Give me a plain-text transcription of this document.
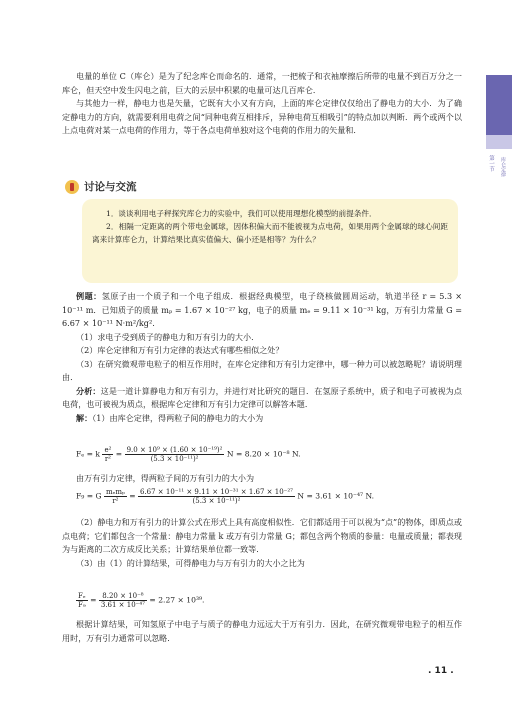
第一节	库仑定律

电量的单位 C（库仑）是为了纪念库仑而命名的．通常，一把梳子和衣袖摩擦后所带的电量不到百万分之一库仑，但天空中发生闪电之前，巨大的云层中积累的电量可达几百库仑．

与其他力一样，静电力也是矢量，它既有大小又有方向，上面的库仑定律仅仅给出了静电力的大小．为了确定静电力的方向，就需要利用电荷之间“同种电荷互相排斥，异种电荷互相吸引”的特点加以判断．两个或两个以上点电荷对某一点电荷的作用力，等于各点电荷单独对这个电荷的作用力的矢量和．

讨论与交流

1．谈谈利用电子秤探究库仑力的实验中，我们可以使用理想化模型的前提条件．

2．相隔一定距离的两个带电金属球，因体积偏大而不能被视为点电荷，如果用两个金属球的球心间距离来计算库仑力，计算结果比真实值偏大、偏小还是相等？为什么？

例题：氢原子由一个质子和一个电子组成．根据经典模型，电子绕核做圆周运动，轨道半径 r = 5.3 × 10⁻¹¹ m．已知质子的质量 mₚ = 1.67 × 10⁻²⁷ kg，电子的质量 mₑ = 9.11 × 10⁻³¹ kg，万有引力常量 G = 6.67 × 10⁻¹¹ N·m²/kg².

（1）求电子受到质子的静电力和万有引力的大小．

（2）库仑定律和万有引力定律的表达式有哪些相似之处？

（3）在研究微观带电粒子的相互作用时，在库仑定律和万有引力定律中，哪一种力可以被忽略呢？请说明理由．

分析：这是一道计算静电力和万有引力，并进行对比研究的题目．在氢原子系统中，质子和电子可被视为点电荷，也可被视为质点，根据库仑定律和万有引力定律可以解答本题．

解：（1）由库仑定律，得两粒子间的静电力的大小为

Fₑ = k $\frac{\text{e²}}{\text{r²}} = \frac{\text{9.0 × 10⁹ × (1.60 × 10⁻¹⁹)²}}{\text{(5.3 × 10⁻¹¹)²}}$ N = 8.20 × 10⁻⁸ N.

由万有引力定律，得两粒子间的万有引力的大小为

F₉ = G $\frac{\text{mₑmₚ}}{\text{r²}} = \frac{\text{6.67 × 10⁻¹¹ × 9.11 × 10⁻³¹ × 1.67 × 10⁻²⁷}}{\text{(5.3 × 10⁻¹¹)²}}$ N = 3.61 × 10⁻⁴⁷ N.

（2）静电力和万有引力的计算公式在形式上具有高度相似性．它们都适用于可以视为“点”的物体，即质点或点电荷；它们都包含一个常量：静电力常量 k 或万有引力常量 G；都包含两个物质的参量：电量或质量；都表现为与距离的二次方成反比关系；计算结果单位都一致等．

（3）由（1）的计算结果，可得静电力与万有引力的大小之比为

$\frac{\text{Fₑ}}{\text{F₉}} = \frac{\text{8.20 × 10⁻⁸}}{\text{3.61 × 10⁻⁴⁷}} = 2.27 \times 10^{39}$.

根据计算结果，可知氢原子中电子与质子的静电力远远大于万有引力．因此，在研究微观带电粒子的相互作用时，万有引力通常可以忽略．

. 11 .
